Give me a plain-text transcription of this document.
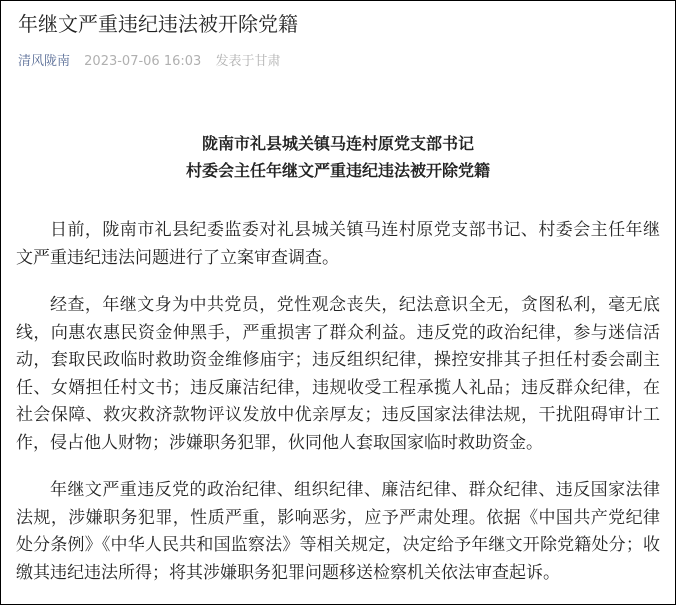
年继文严重违纪违法被开除党籍
清风陇南 2023-07-06 16:03 发表于甘肃
陇南市礼县城关镇马连村原党支部书记
村委会主任年继文严重违纪违法被开除党籍

日前，陇南市礼县纪委监委对礼县城关镇马连村原党支部书记、村委会主任年继文严重违纪违法问题进行了立案审查调查。

经查，年继文身为中共党员，党性观念丧失，纪法意识全无，贪图私利，毫无底线，向惠农惠民资金伸黑手，严重损害了群众利益。违反党的政治纪律，参与迷信活动，套取民政临时救助资金维修庙宇；违反组织纪律，操控安排其子担任村委会副主任、女婿担任村文书；违反廉洁纪律，违规收受工程承揽人礼品；违反群众纪律，在社会保障、救灾救济款物评议发放中优亲厚友；违反国家法律法规，干扰阻碍审计工作，侵占他人财物；涉嫌职务犯罪，伙同他人套取国家临时救助资金。

年继文严重违反党的政治纪律、组织纪律、廉洁纪律、群众纪律、违反国家法律法规，涉嫌职务犯罪，性质严重，影响恶劣，应予严肃处理。依据《中国共产党纪律处分条例》《中华人民共和国监察法》等相关规定，决定给予年继文开除党籍处分；收缴其违纪违法所得；将其涉嫌职务犯罪问题移送检察机关依法审查起诉。
